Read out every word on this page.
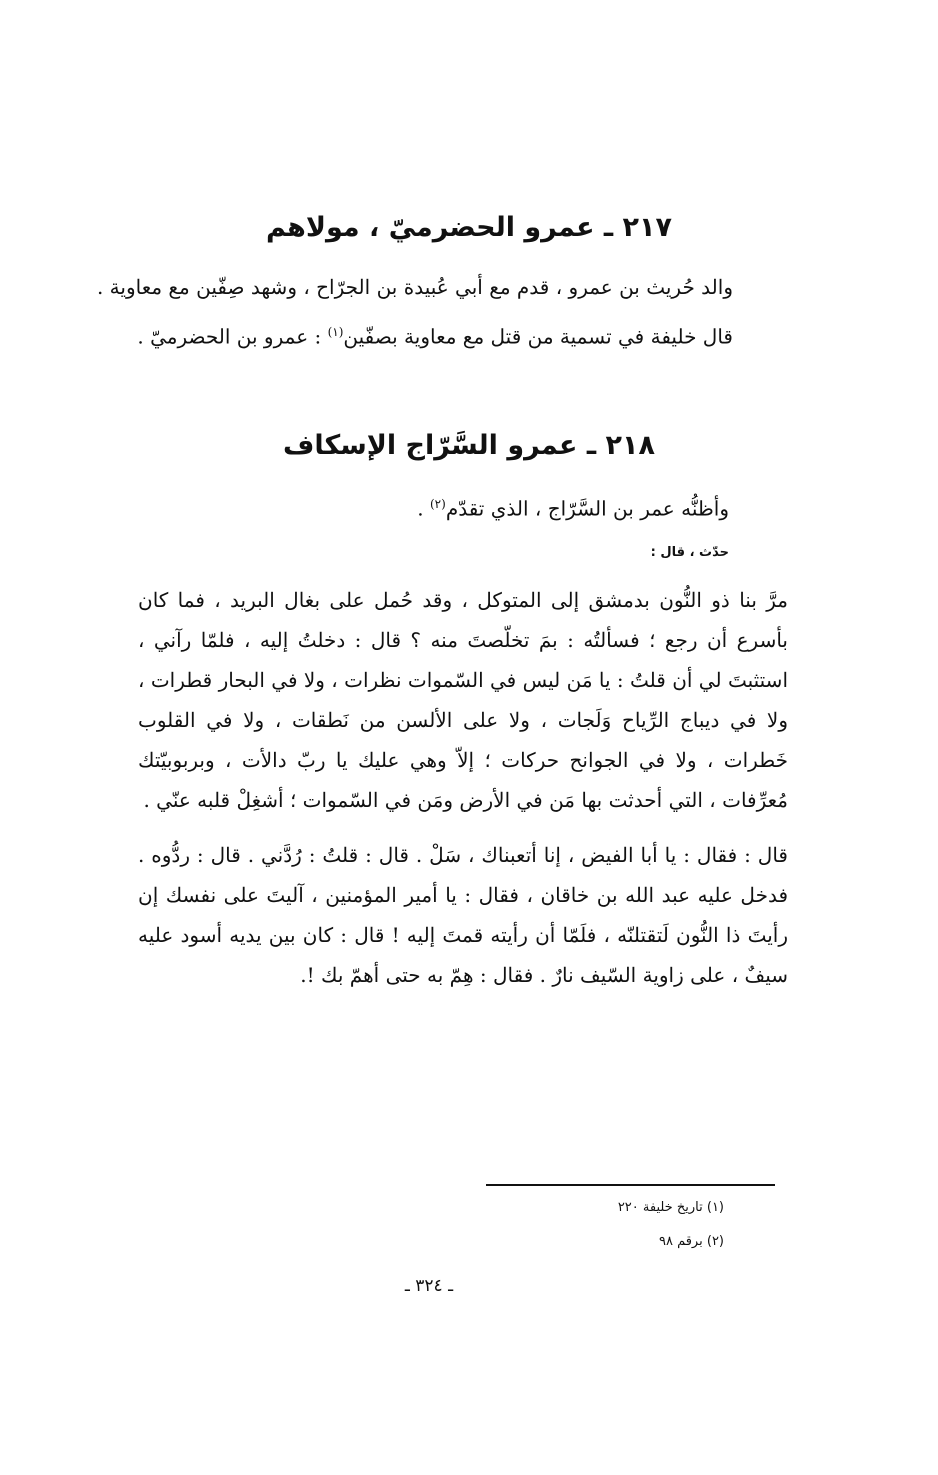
٢١٧ ـ عمرو الحضرميّ ، مولاهم
والد حُريث بن عمرو ، قدم مع أبي عُبيدة بن الجرّاح ، وشهد صِفّين مع معاوية .
قال خليفة في تسمية من قتل مع معاوية بصفّين$^{(١)}$ : عمرو بن الحضرميّ .
٢١٨ ـ عمرو السَّرّاج الإسكاف
وأظنُّه عمر بن السَّرّاج ، الذي تقدّم$^{(٢)}$ .
حدّث ، قال :
مرَّ بنا ذو النُّون بدمشق إلى المتوكل ، وقد حُمل على بغال البريد ، فما كان بأسرع أن رجع ؛ فسألتُه : بمَ تخلّصتَ منه ؟ قال : دخلتُ إليه ، فلمّا رآني ، استثبتَ لي أن قلتُ : يا مَن ليس في السّموات نظرات ، ولا في البحار قطرات ، ولا في ديباج الرِّياح وَلَجات ، ولا على الألسن من نَطقات ، ولا في القلوب خَطرات ، ولا في الجوانح حركات ؛ إلاّ وهي عليك يا ربّ دالأت ، وبربوبيّتك مُعرِّفات ، التي أحدثت بها مَن في الأرض ومَن في السّموات ؛ أشغِلْ قلبه عنّي .
قال : فقال : يا أبا الفيض ، إنا أتعبناك ، سَلْ . قال : قلتُ : رُدَّني . قال : ردُّوه . فدخل عليه عبد الله بن خاقان ، فقال : يا أمير المؤمنين ، آليتَ على نفسك إن رأيتَ ذا النُّون لَتقتلنّه ، فلَمّا أن رأيته قمتَ إليه ! قال : كان بين يديه أسود عليه سيفٌ ، على زاوية السّيف نارٌ . فقال : هِمّ به حتى أهمّ بك !.
(١) تاريخ خليفة ٢٢٠
(٢) برقم ٩٨
ـ ٣٢٤ ـ
